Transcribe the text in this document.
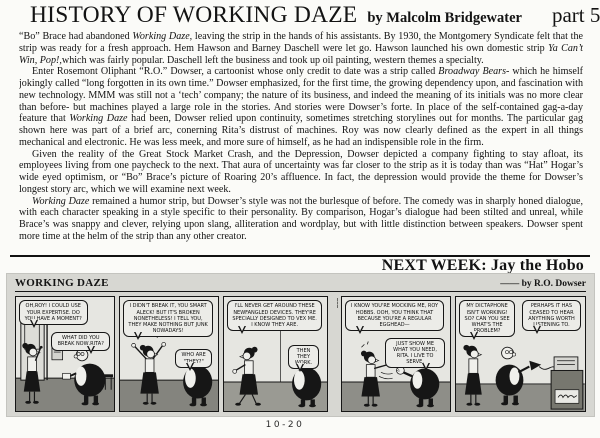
HISTORY OF WORKING DAZE by Malcolm Bridgewater part 5

“Bo” Brace had abandoned Working Daze, leaving the strip in the hands of his assistants. By 1930, the Montgomery Syndicate felt that the strip was ready for a fresh approach. Hem Hawson and Barney Daschell were let go. Hawson launched his own domestic strip Ya Can’t Win, Pop!,which was fairly popular. Daschell left the business and took up oil painting, western themes a specialty.

Enter Rosemont Oliphant “R.O.” Dowser, a cartoonist whose only credit to date was a strip called Broadway Bears- which he himself jokingly called “long forgotten in its own time.” Dowser emphasized, for the first time, the growing dependency upon, and fascination with new technology. MMM was still not a ‘tech’ company; the nature of its business, and indeed the meaning of its initials was no more clear than before- but machines played a large role in the stories. And stories were Dowser’s forte. In place of the self-contained gag-a-day feature that Working Daze had been, Dowser relied upon continuity, sometimes stretching storylines out for months. The particular gag shown here was part of a brief arc, conerning Rita’s distrust of machines. Roy was now clearly defined as the expert in all things mechanical and electronic. He was less meek, and more sure of himself, as he had an indispensible role in the firm.

Given the reality of the Great Stock Market Crash, and the Depression, Dowser depicted a company fighting to stay afloat, its employees living from one paycheck to the next. That aura of uncertainty was far closer to the strip as it is today than was “Hat” Hogar’s wide eyed optimism, or “Bo” Brace’s picture of Roaring 20’s affluence. In fact, the depression would provide the theme for Dowser’s longest story arc, which we will examine next week.

Working Daze remained a humor strip, but Dowser’s style was not the burlesque of before. The comedy was in sharply honed dialogue, with each character speaking in a style specific to their personality. By comparison, Hogar’s dialogue had been stilted and unreal, while Brace’s was snappy and clever, relying upon slang, alliteration and wordplay, but with little distinction between speakers. Dowser spent more time at the helm of the strip than any other creator.

NEXT WEEK: Jay the Hobo
WORKING DAZE	—— by R.O. Dowser
OH,ROY! I COULD USE YOUR EXPERTISE. DO YOU HAVE A MOMENT?
WHAT DID YOU BREAK NOW,RITA?
I DIDN'T BREAK IT, YOU SMART ALECK! BUT IT'S BROKEN NONETHELESS! I TELL YOU, THEY MAKE NOTHING BUT JUNK NOWADAYS!
WHO ARE "THEY?"
I'LL NEVER GET AROUND THESE NEWFANGLED DEVICES. THEY'RE SPECIALLY DESIGNED TO VEX ME. I KNOW THEY ARE.
THEN THEY WORK.
I KNOW YOU'RE MOCKING ME, ROY HOBBS. OOH, YOU THINK THAT BECAUSE YOU'RE A REGULAR EGGHEAD—
JUST SHOW ME WHAT YOU NEED, RITA. I LIVE TO SERVE.
MY DICTAPHONE ISN'T WORKING! SO? CAN YOU SEE WHAT'S THE PROBLEM?
PERHAPS IT HAS CEASED TO HEAR ANYTHING WORTH LISTENING TO.
10-20
